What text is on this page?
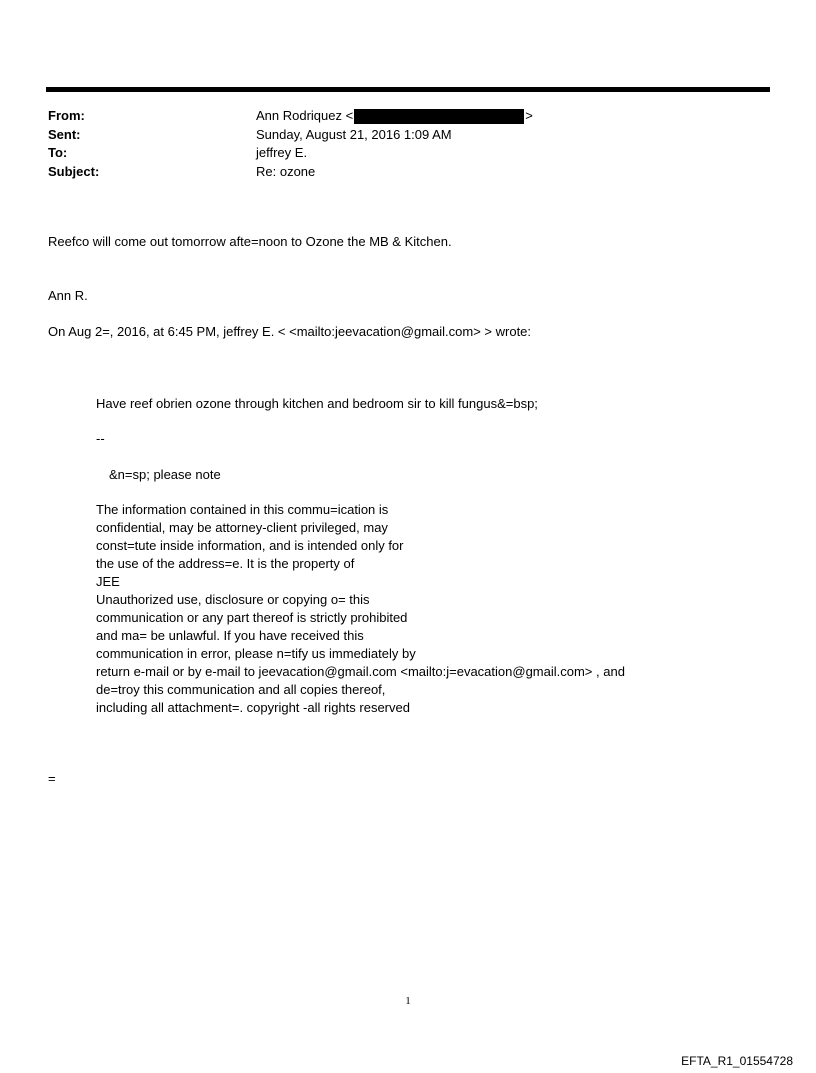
From:	Ann Rodriquez <	>
Sent:	Sunday, August 21, 2016 1:09 AM
To:	jeffrey E.
Subject:	Re: ozone
Reefco will come out tomorrow afte=noon to Ozone the MB & Kitchen.
Ann R.
On Aug 2=, 2016, at 6:45 PM, jeffrey E. < <mailto:jeevacation@gmail.com> > wrote:
Have reef obrien ozone through kitchen and bedroom sir to kill fungus&=bsp;
--
&n=sp; please note
The information contained in this commu=ication is
confidential, may be attorney-client privileged, may
const=tute inside information, and is intended only for
the use of the address=e. It is the property of
JEE
Unauthorized use, disclosure or copying o= this
communication or any part thereof is strictly prohibited
and ma= be unlawful. If you have received this
communication in error, please n=tify us immediately by
return e-mail or by e-mail to jeevacation@gmail.com <mailto:j=evacation@gmail.com> , and
de=troy this communication and all copies thereof,
including all attachment=. copyright -all rights reserved
=
1
EFTA_R1_01554728
